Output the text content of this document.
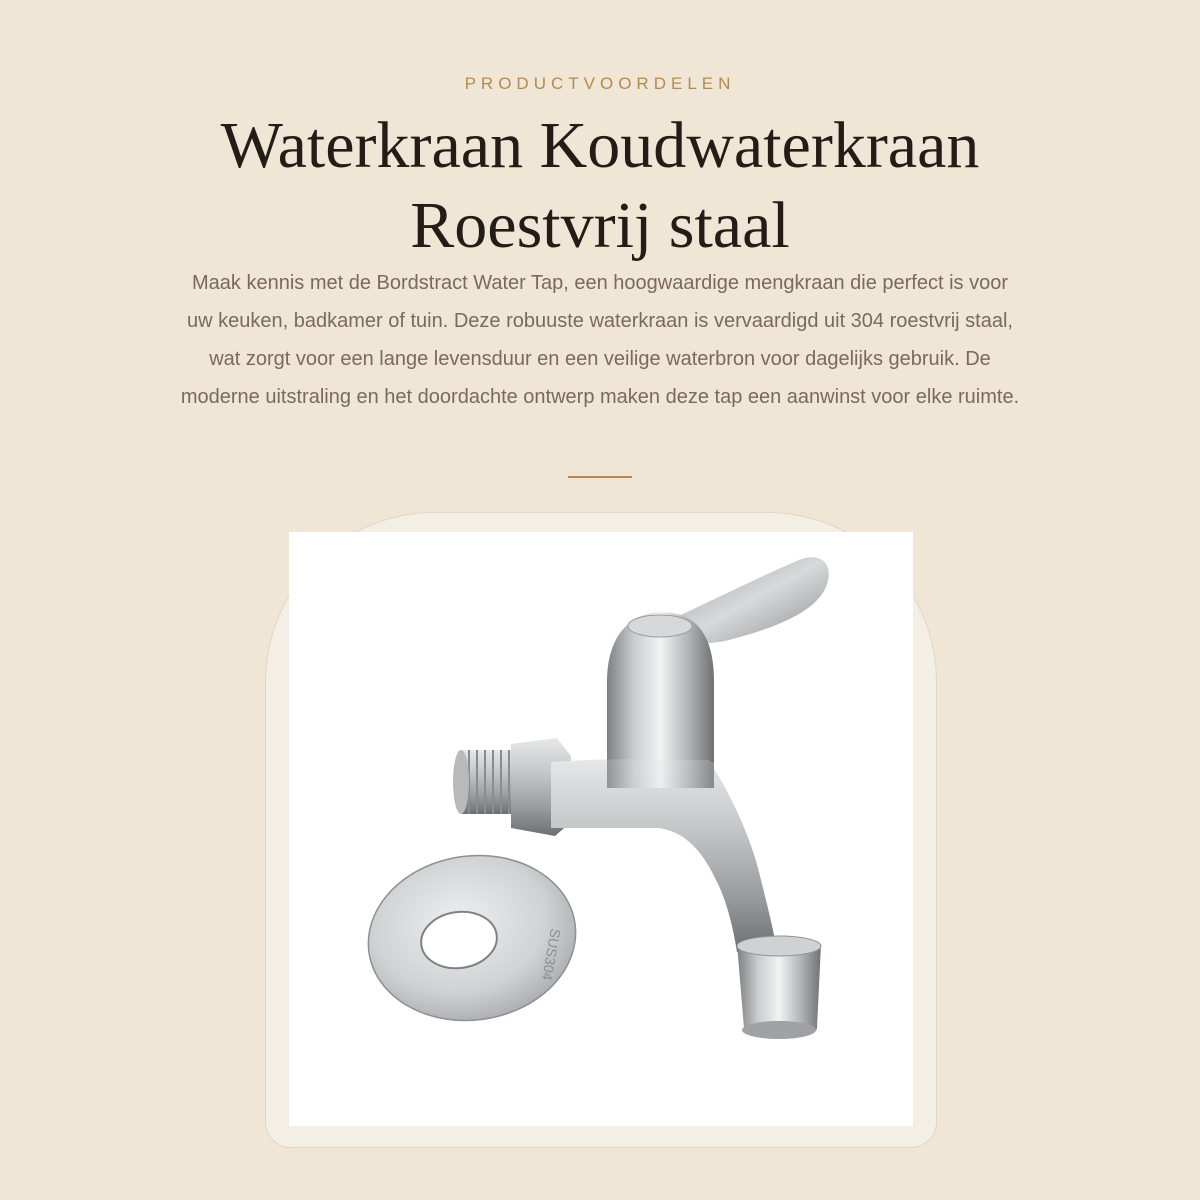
PRODUCTVOORDELEN
Waterkraan Koudwaterkraan Roestvrij staal

Maak kennis met de Bordstract Water Tap, een hoogwaardige mengkraan die perfect is voor uw keuken, badkamer of tuin. Deze robuuste waterkraan is vervaardigd uit 304 roestvrij staal, wat zorgt voor een lange levensduur en een veilige waterbron voor dagelijks gebruik. De moderne uitstraling en het doordachte ontwerp maken deze tap een aanwinst voor elke ruimte.

SUS304
